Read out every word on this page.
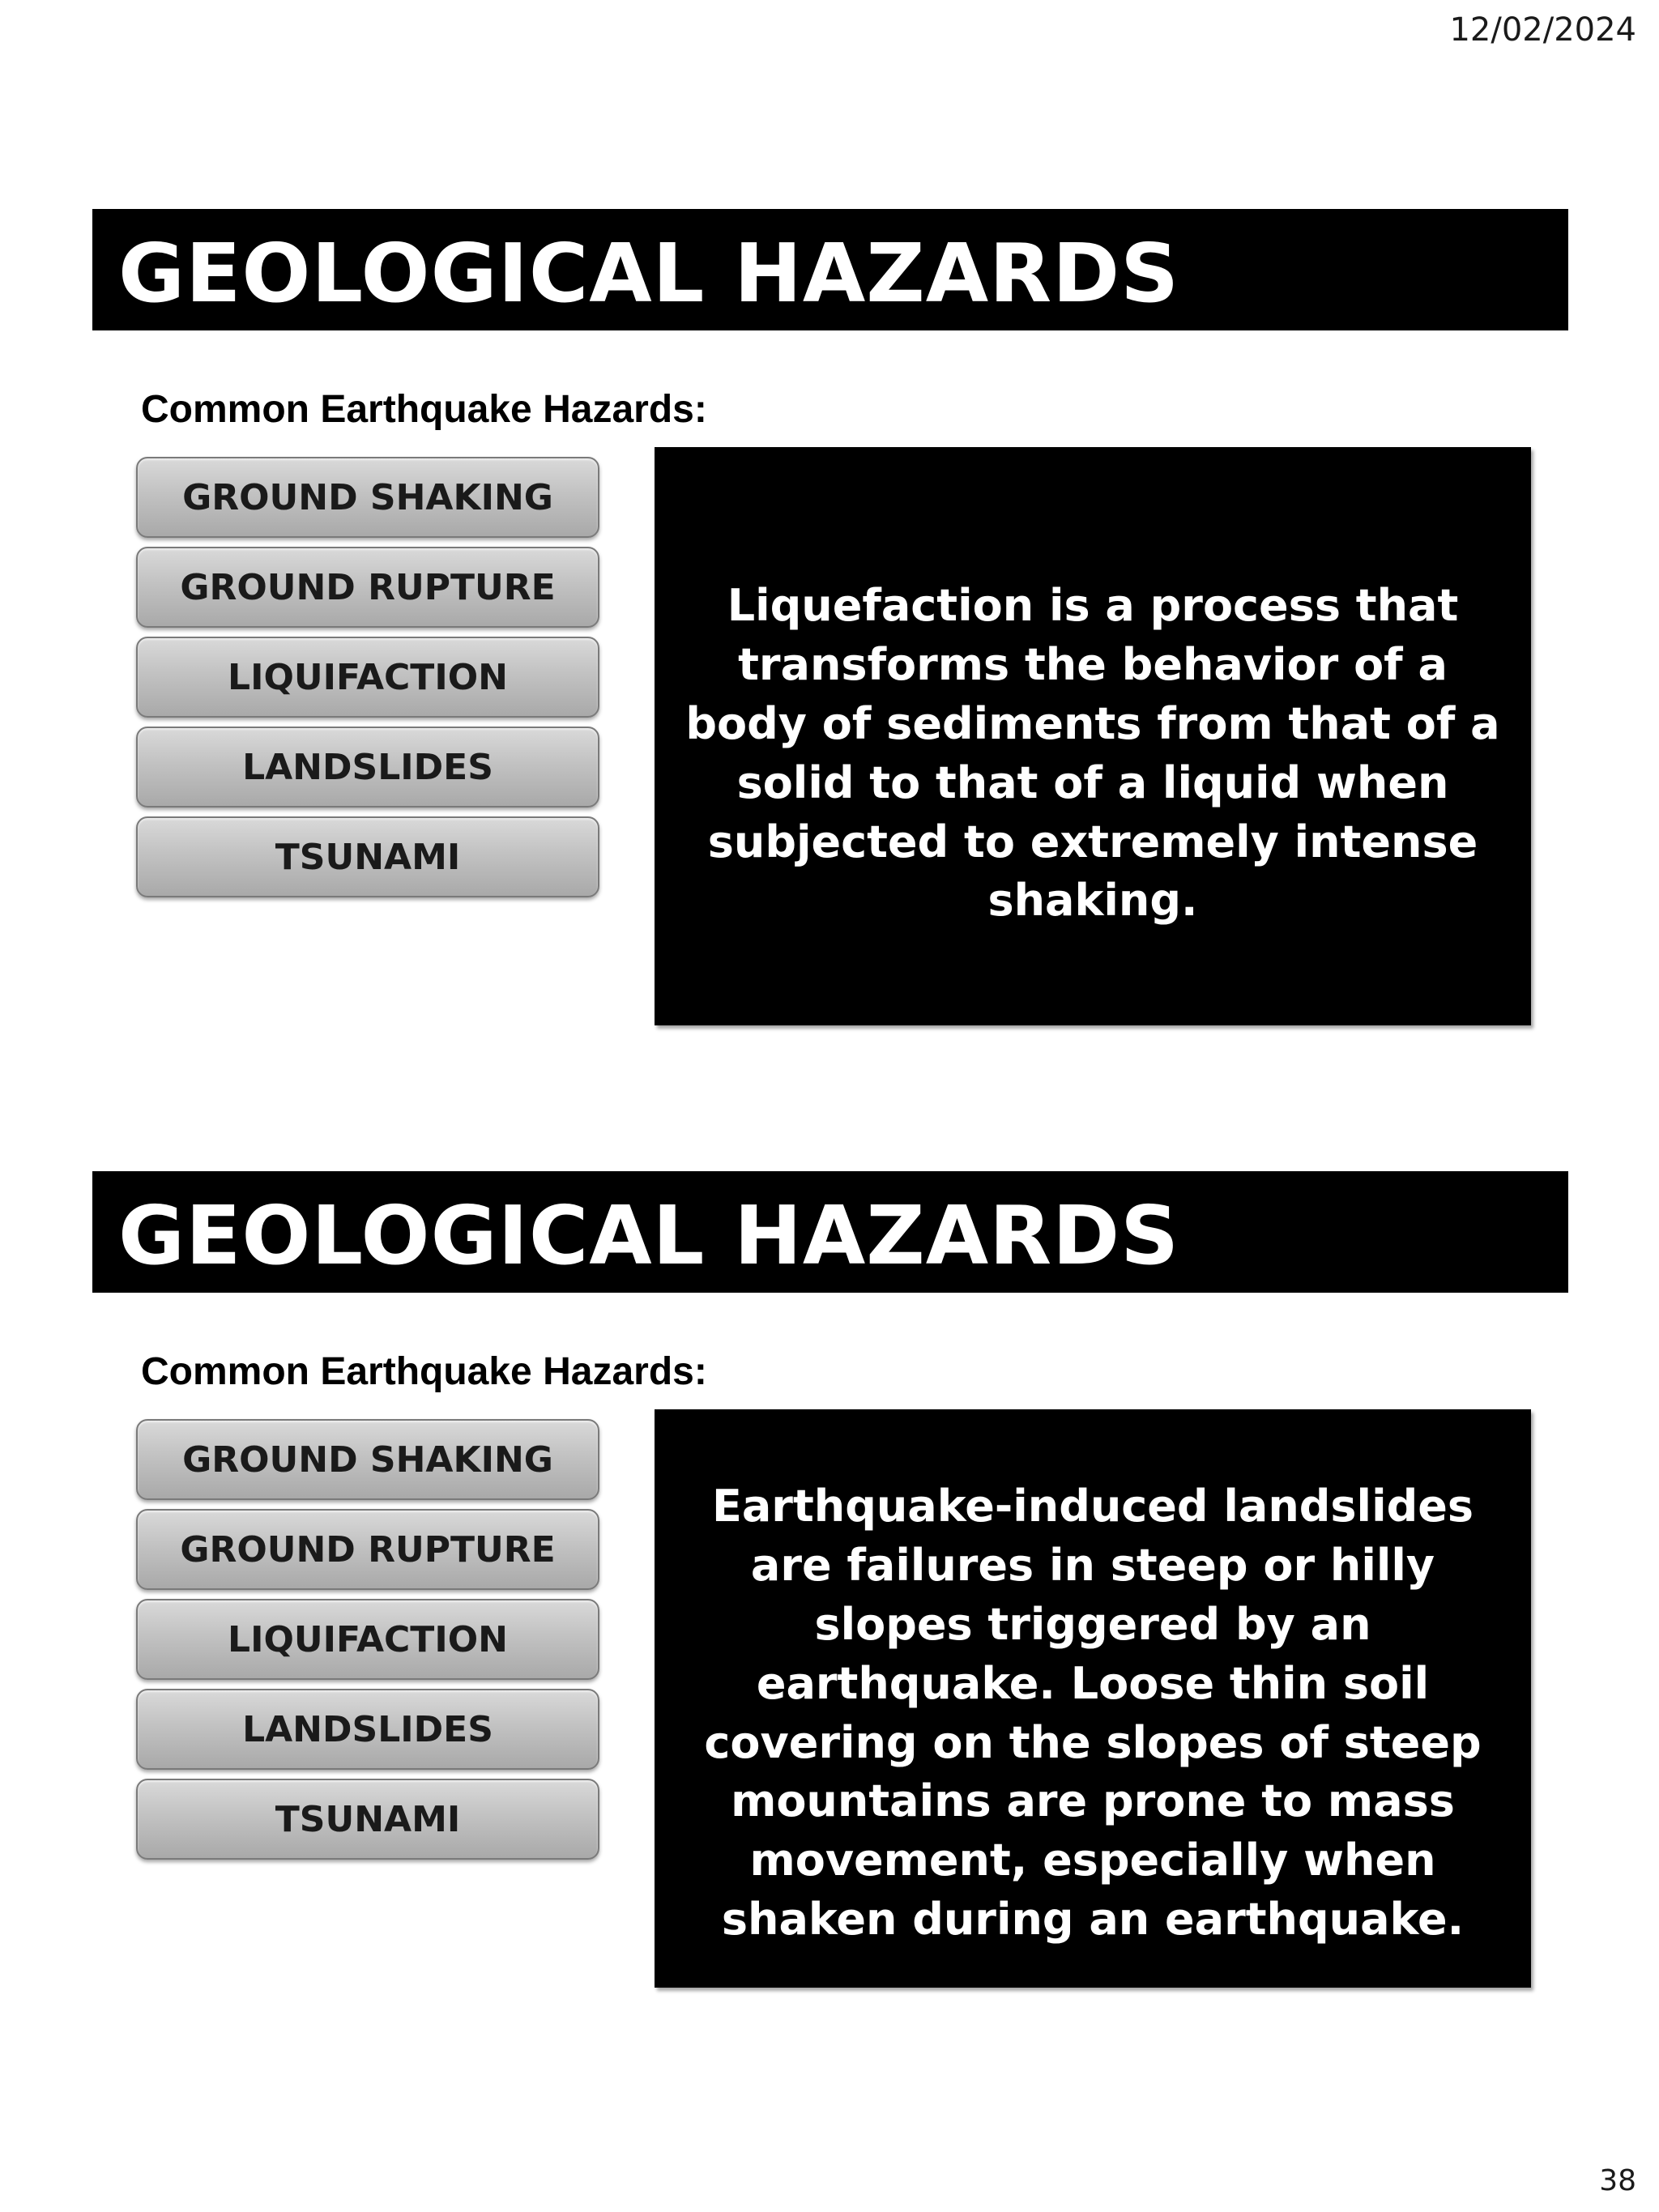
12/02/2024
GEOLOGICAL HAZARDS
Common Earthquake Hazards:
GROUND SHAKING
GROUND RUPTURE
LIQUIFACTION
LANDSLIDES
TSUNAMI
Liquefaction is a process that transforms the behavior of a body of sediments from that of a solid to that of a liquid when subjected to extremely intense shaking.
GEOLOGICAL HAZARDS
Common Earthquake Hazards:
GROUND SHAKING
GROUND RUPTURE
LIQUIFACTION
LANDSLIDES
TSUNAMI
Earthquake-induced landslides are failures in steep or hilly slopes triggered by an earthquake. Loose thin soil covering on the slopes of steep mountains are prone to mass movement, especially when shaken during an earthquake.
38
